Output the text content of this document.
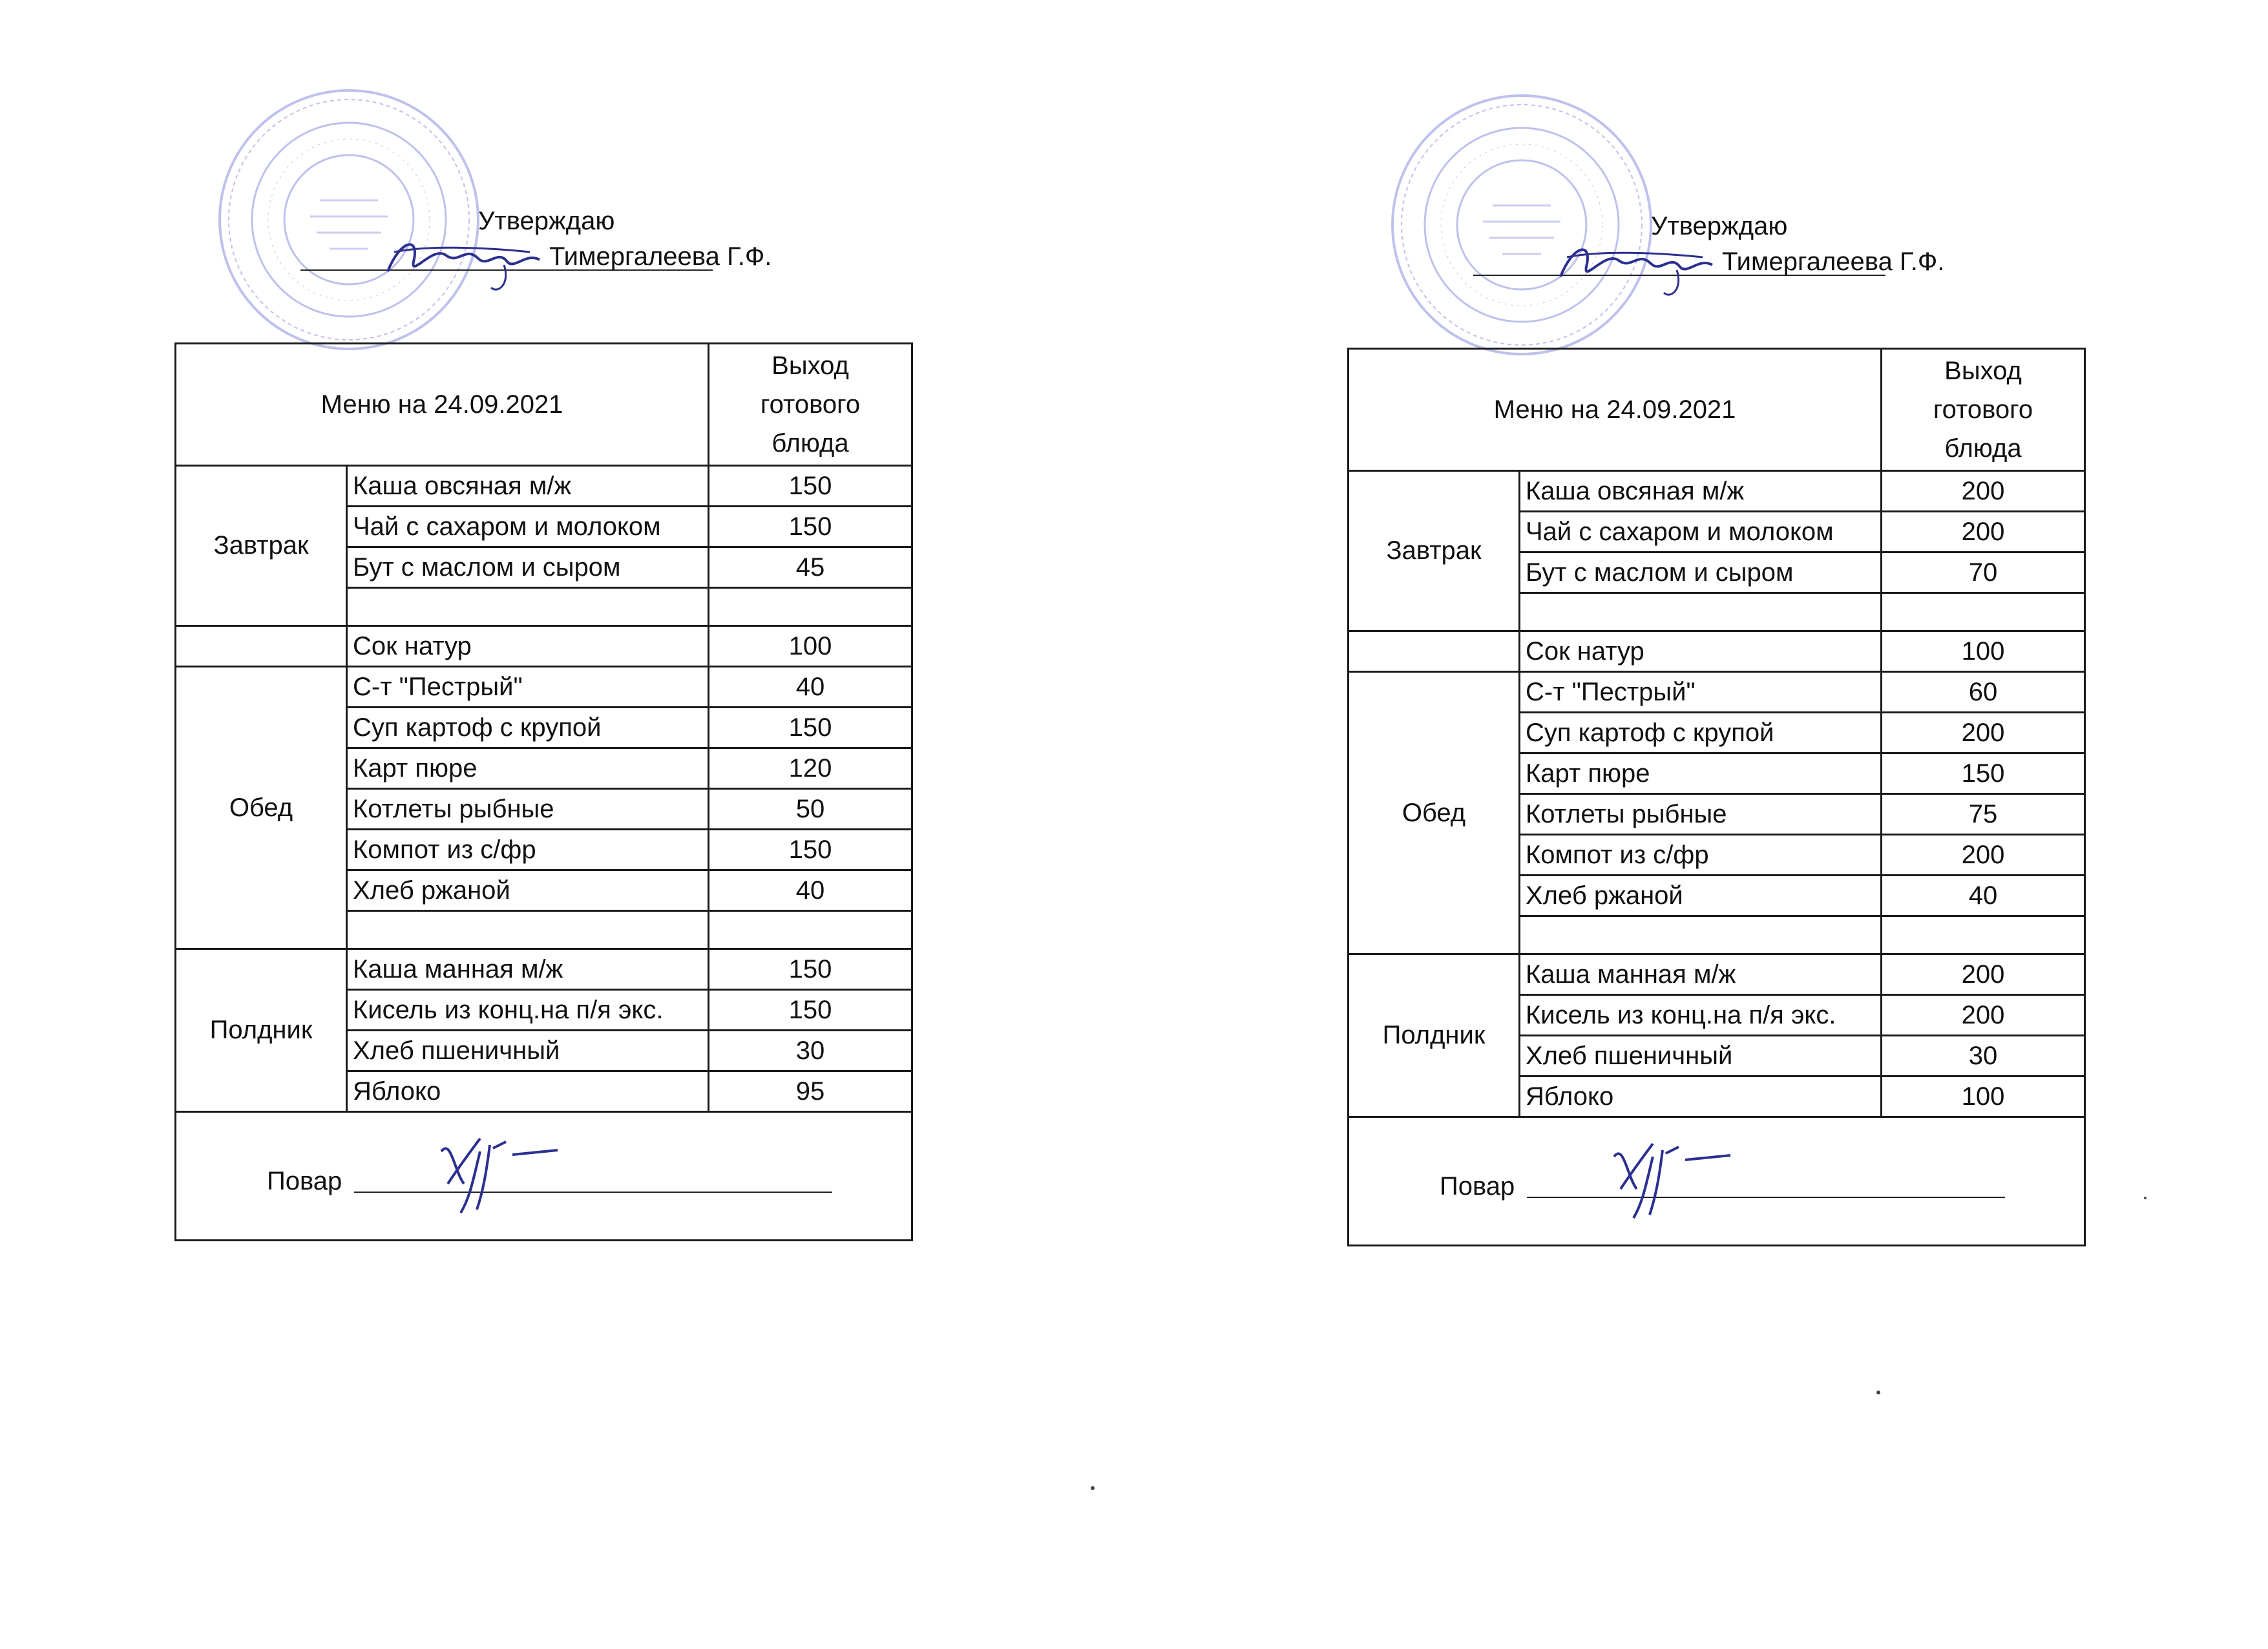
Утверждаю
Тимергалеева Г.Ф.
Меню на 24.09.2021		Выход
готового
блюда

Завтрак	Каша овсяная м/ж	150
	Чай с сахаром и молоком	150
	Бут с маслом и сыром	45

	Сок натур	100
Обед	С-т "Пестрый"	40
	Суп картоф с крупой	150
	Карт пюре	120
	Котлеты рыбные	50
	Компот из с/фр	150
	Хлеб ржаной	40

Полдник	Каша манная м/ж	150
	Кисель из конц.на п/я экс.	150
	Хлеб пшеничный	30
	Яблоко	95

Повар		
Утверждаю
Тимергалеева Г.Ф.
Меню на 24.09.2021		Выход
готового
блюда

Завтрак	Каша овсяная м/ж	200
	Чай с сахаром и молоком	200
	Бут с маслом и сыром	70

	Сок натур	100
Обед	С-т "Пестрый"	60
	Суп картоф с крупой	200
	Карт пюре	150
	Котлеты рыбные	75
	Компот из с/фр	200
	Хлеб ржаной	40

Полдник	Каша манная м/ж	200
	Кисель из конц.на п/я экс.	200
	Хлеб пшеничный	30
	Яблоко	100

Повар		
